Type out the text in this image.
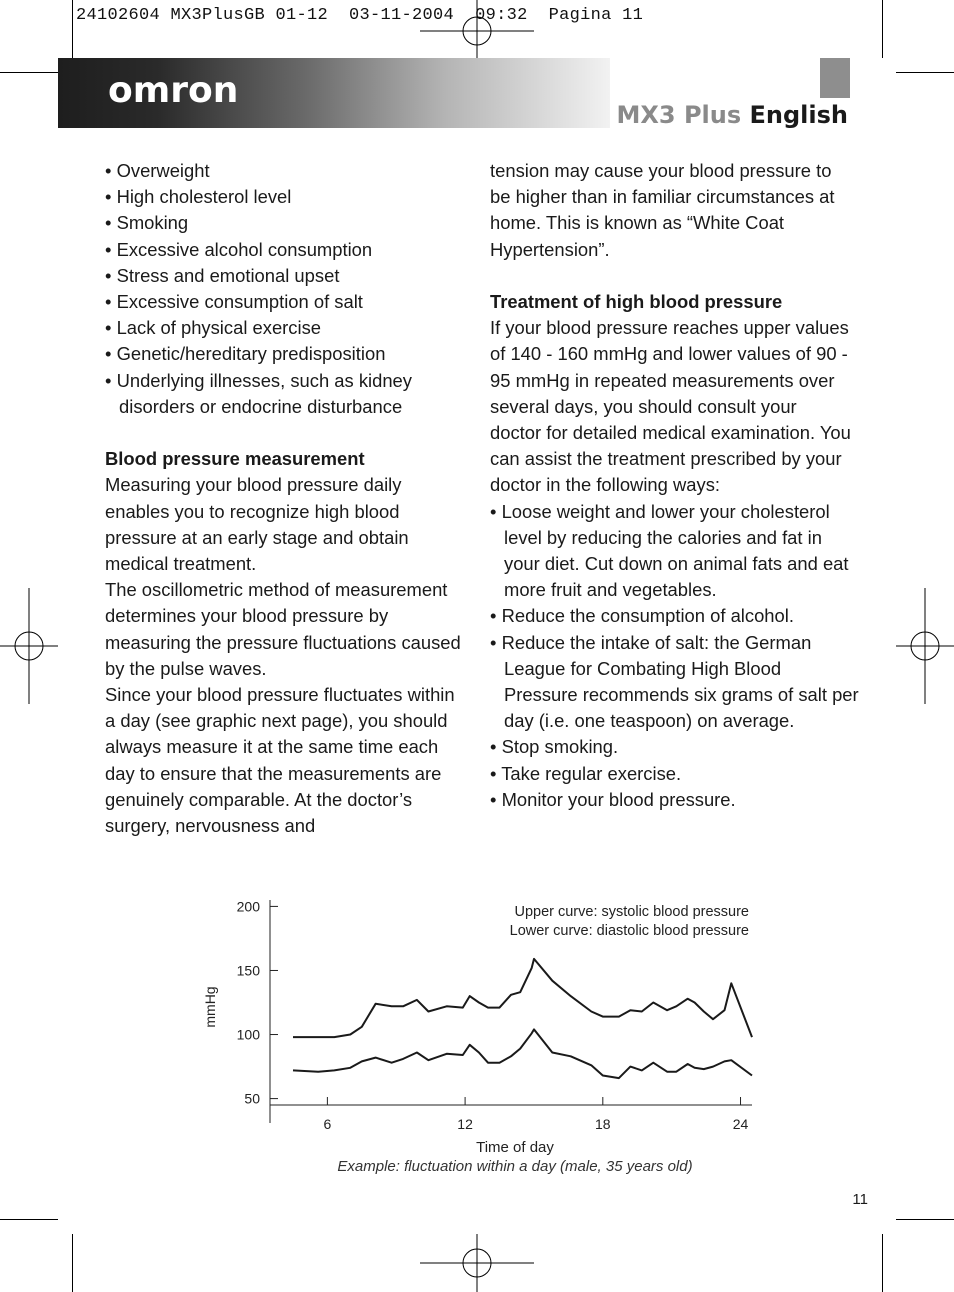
24102604 MX3PlusGB 01-12  03-11-2004  09:32  Pagina 11
omron
MX3 Plus English
• Overweight
• High cholesterol level
• Smoking
• Excessive alcohol consumption
• Stress and emotional upset
• Excessive consumption of salt
• Lack of physical exercise
• Genetic/hereditary predisposition
• Underlying illnesses, such as kidney disorders or endocrine disturbance
Blood pressure measurement

Measuring your blood pressure daily enables you to recognize high blood pressure at an early stage and obtain medical treatment.

The oscillometric method of measurement determines your blood pressure by measuring the pressure fluctuations caused by the pulse waves.

Since your blood pressure fluctuates within a day (see graphic next page), you should always measure it at the same time each day to ensure that the measurements are genuinely comparable. At the doctor’s surgery, nervousness and

tension may cause your blood pressure to be higher than in familiar circumstances at home. This is known as “White Coat Hypertension”.

Treatment of high blood pressure

If your blood pressure reaches upper values of 140 - 160 mmHg and lower values of 90 - 95 mmHg in repeated measurements over several days, you should consult your doctor for detailed medical examination. You can assist the treatment prescribed by your doctor in the following ways:

• Loose weight and lower your cholesterol level by reducing the calories and fat in your diet. Cut down on animal fats and eat more fruit and vegetables.
• Reduce the consumption of alcohol.
• Reduce the intake of salt: the German League for Combating High Blood Pressure recommends six grams of salt per day (i.e. one teaspoon) on average.
• Stop smoking.
• Take regular exercise.
• Monitor your blood pressure.
50
100
150
200
6	12	18	24
Time of day
mmHg
Upper curve: systolic blood pressure
Lower curve: diastolic blood pressure
Example: fluctuation within a day (male, 35 years old)
11
